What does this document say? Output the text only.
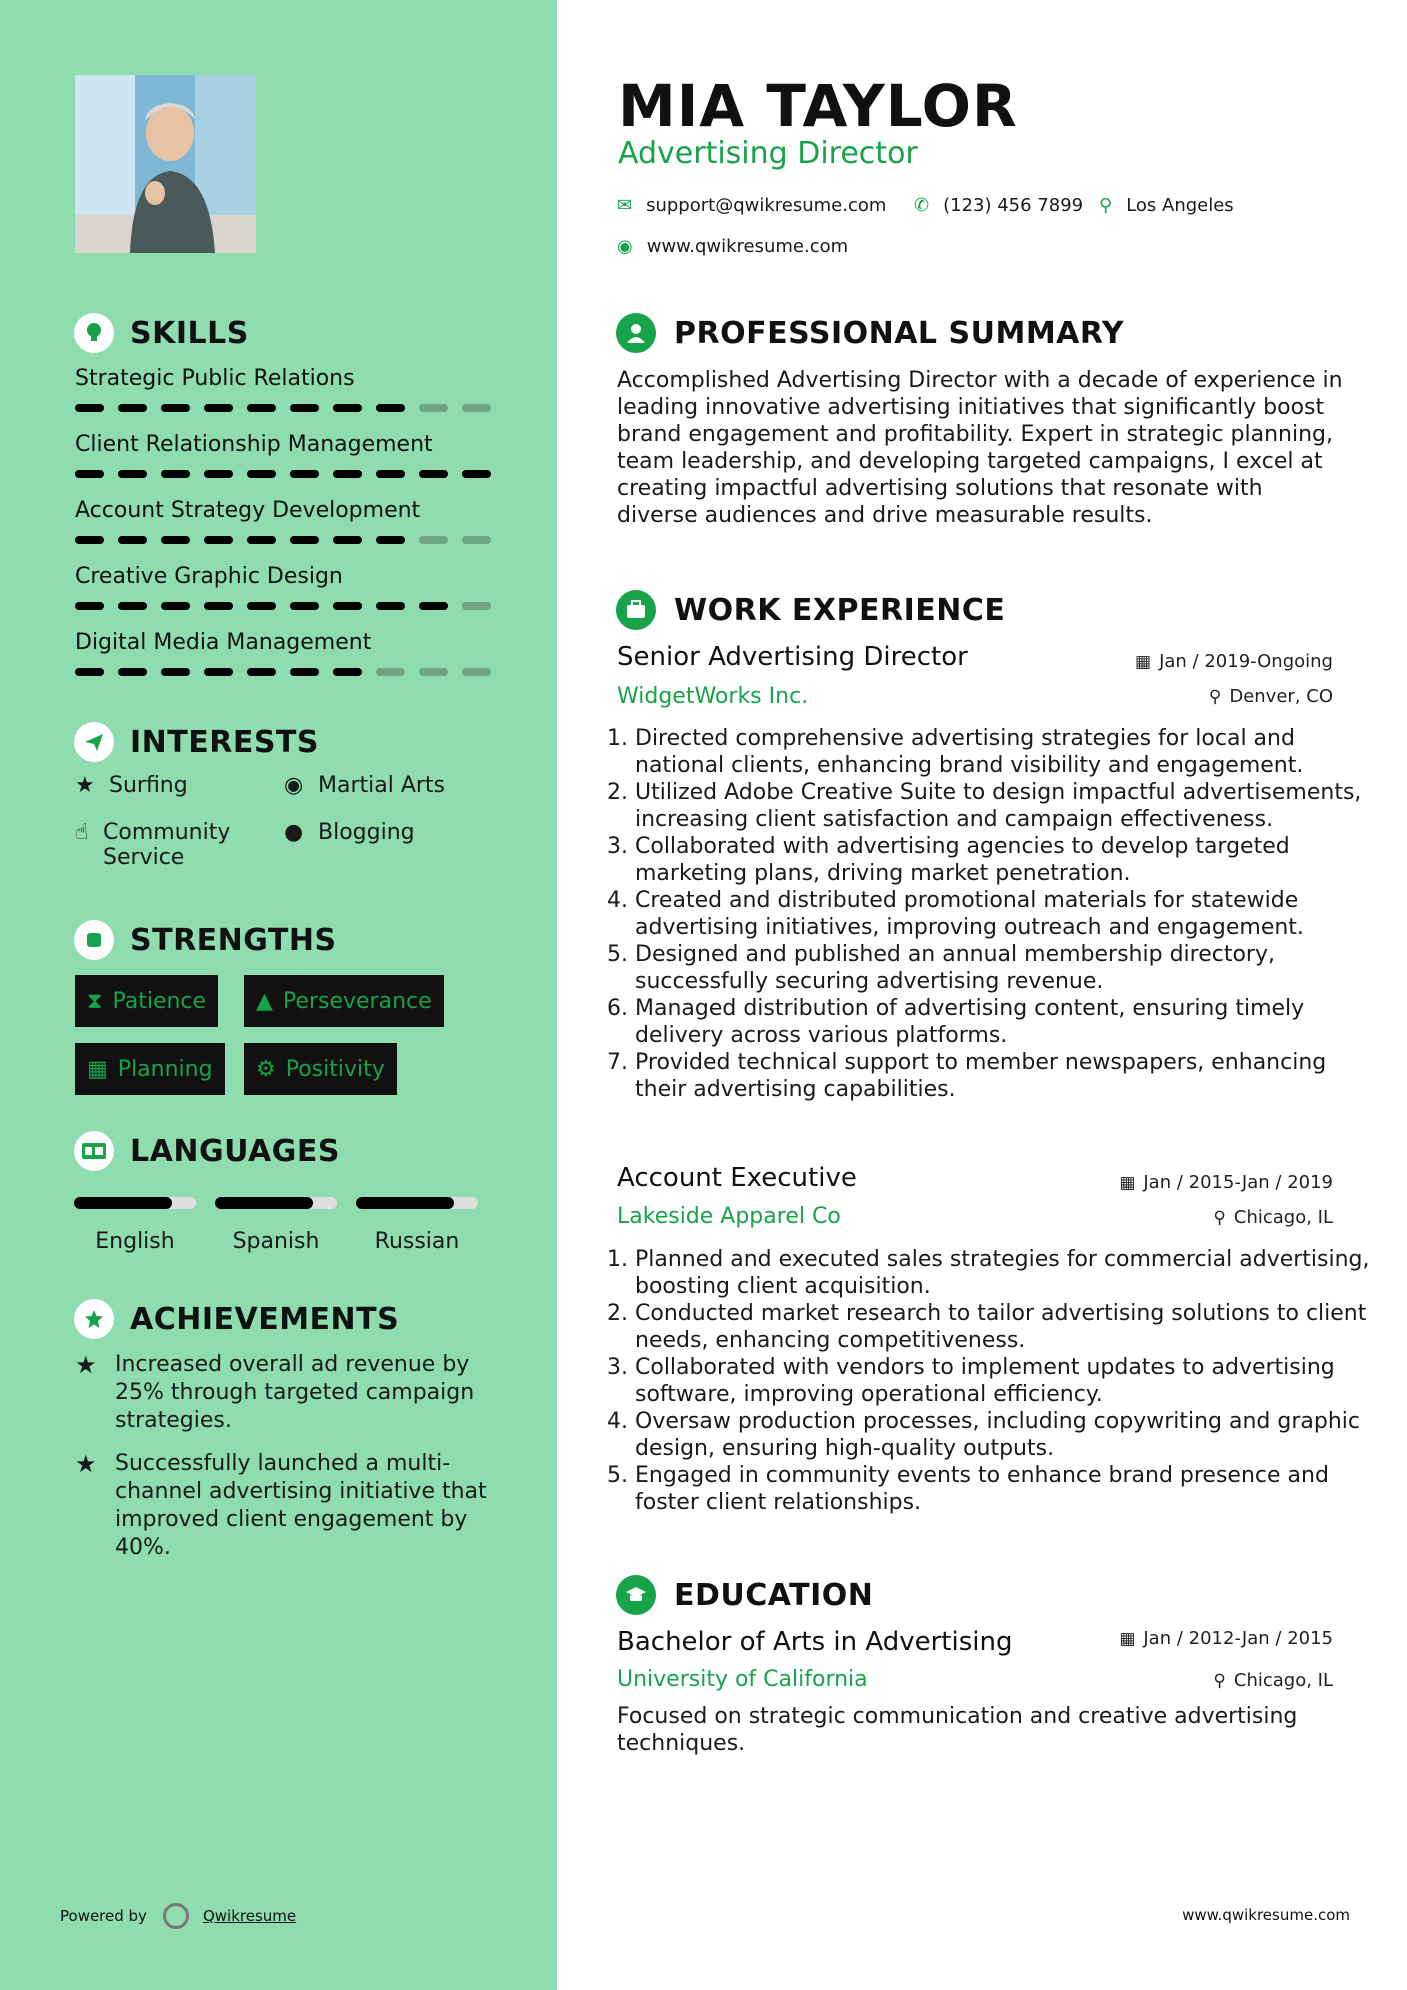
SKILLS
Strategic Public Relations
Client Relationship Management
Account Strategy Development
Creative Graphic Design
Digital Media Management
INTERESTS
★ Surfing	◉ Martial Arts
☝ Community Service
● Blogging
STRENGTHS
⧗ Patience ▲ Perseverance
▦ Planning ⚙ Positivity
LANGUAGES
English	Spanish	Russian
ACHIEVEMENTS
★ Increased overall ad revenue by 25% through targeted campaign strategies.
★ Successfully launched a multi-channel advertising initiative that improved client engagement by 40%.
Powered by	Qwikresume
MIA TAYLOR
Advertising Director
✉ support@qwikresume.com ✆ (123) 456 7899 ⚲ Los Angeles
◉ www.qwikresume.com
PROFESSIONAL SUMMARY
Accomplished Advertising Director with a decade of experience in leading innovative advertising initiatives that significantly boost brand engagement and profitability. Expert in strategic planning, team leadership, and developing targeted campaigns, I excel at creating impactful advertising solutions that resonate with diverse audiences and drive measurable results.
WORK EXPERIENCE
Senior Advertising Director	▦ Jan / 2019-Ongoing
WidgetWorks Inc.	⚲ Denver, CO
1. Directed comprehensive advertising strategies for local and national clients, enhancing brand visibility and engagement.
2. Utilized Adobe Creative Suite to design impactful advertisements, increasing client satisfaction and campaign effectiveness.
3. Collaborated with advertising agencies to develop targeted marketing plans, driving market penetration.
4. Created and distributed promotional materials for statewide advertising initiatives, improving outreach and engagement.
5. Designed and published an annual membership directory, successfully securing advertising revenue.
6. Managed distribution of advertising content, ensuring timely delivery across various platforms.
7. Provided technical support to member newspapers, enhancing their advertising capabilities.
Account Executive	▦ Jan / 2015-Jan / 2019
Lakeside Apparel Co	⚲ Chicago, IL
1. Planned and executed sales strategies for commercial advertising, boosting client acquisition.
2. Conducted market research to tailor advertising solutions to client needs, enhancing competitiveness.
3. Collaborated with vendors to implement updates to advertising software, improving operational efficiency.
4. Oversaw production processes, including copywriting and graphic design, ensuring high-quality outputs.
5. Engaged in community events to enhance brand presence and foster client relationships.
EDUCATION
Bachelor of Arts in Advertising	▦ Jan / 2012-Jan / 2015
University of California	⚲ Chicago, IL
Focused on strategic communication and creative advertising techniques.
www.qwikresume.com
